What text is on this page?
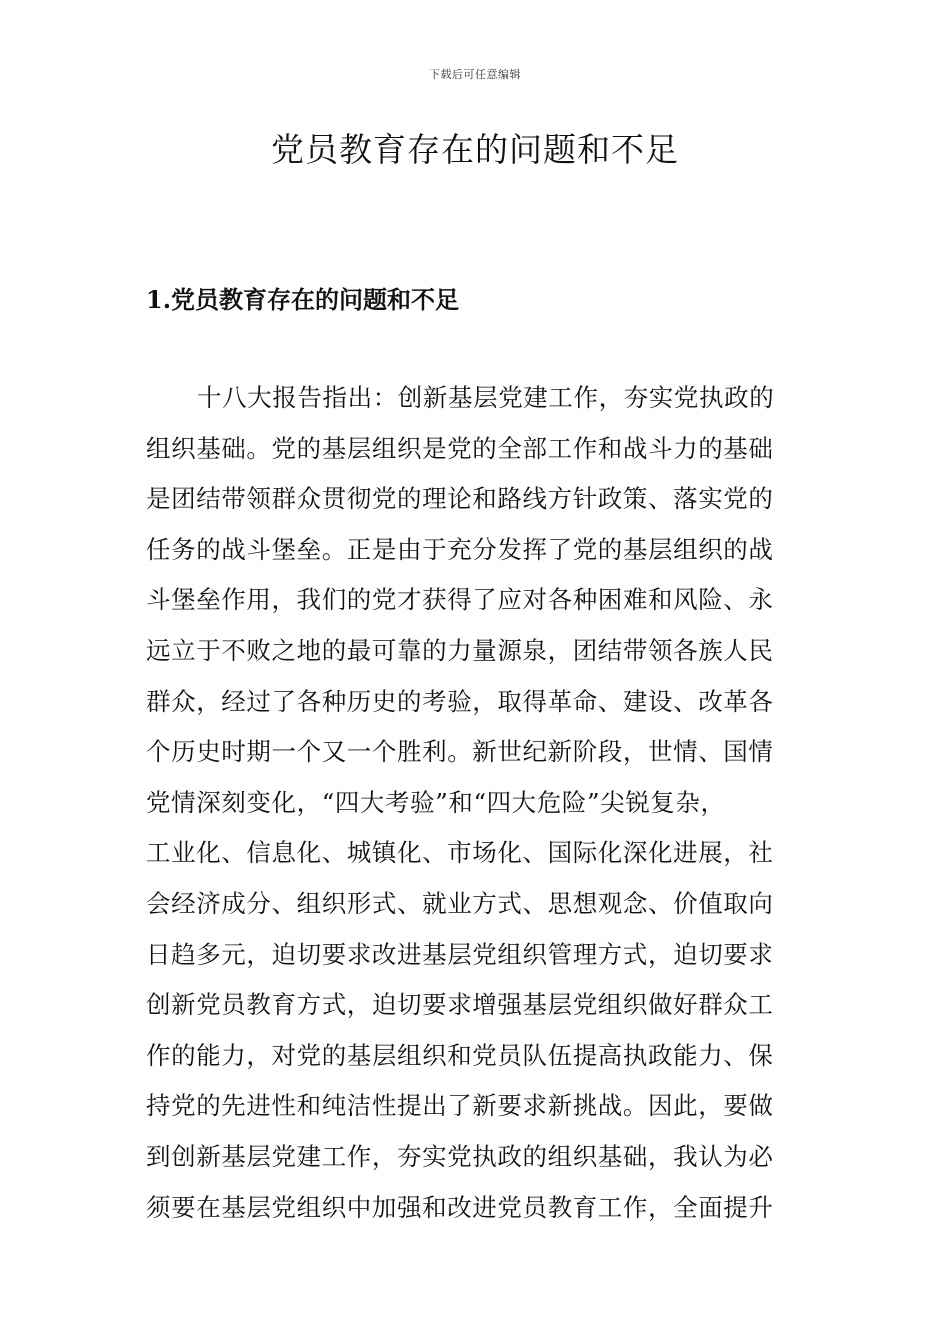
下载后可任意编辑
党员教育存在的问题和不足
1.党员教育存在的问题和不足

十八大报告指出：创新基层党建工作，夯实党执政的
组织基础。党的基层组织是党的全部工作和战斗力的基础
是团结带领群众贯彻党的理论和路线方针政策、落实党的
任务的战斗堡垒。正是由于充分发挥了党的基层组织的战
斗堡垒作用，我们的党才获得了应对各种困难和风险、永
远立于不败之地的最可靠的力量源泉，团结带领各族人民
群众，经过了各种历史的考验，取得革命、建设、改革各
个历史时期一个又一个胜利。新世纪新阶段，世情、国情
党情深刻变化，“四大考验”和“四大危险”尖锐复杂，
工业化、信息化、城镇化、市场化、国际化深化进展，社
会经济成分、组织形式、就业方式、思想观念、价值取向
日趋多元，迫切要求改进基层党组织管理方式，迫切要求
创新党员教育方式，迫切要求增强基层党组织做好群众工
作的能力，对党的基层组织和党员队伍提高执政能力、保
持党的先进性和纯洁性提出了新要求新挑战。因此，要做
到创新基层党建工作，夯实党执政的组织基础，我认为必
须要在基层党组织中加强和改进党员教育工作，全面提升
